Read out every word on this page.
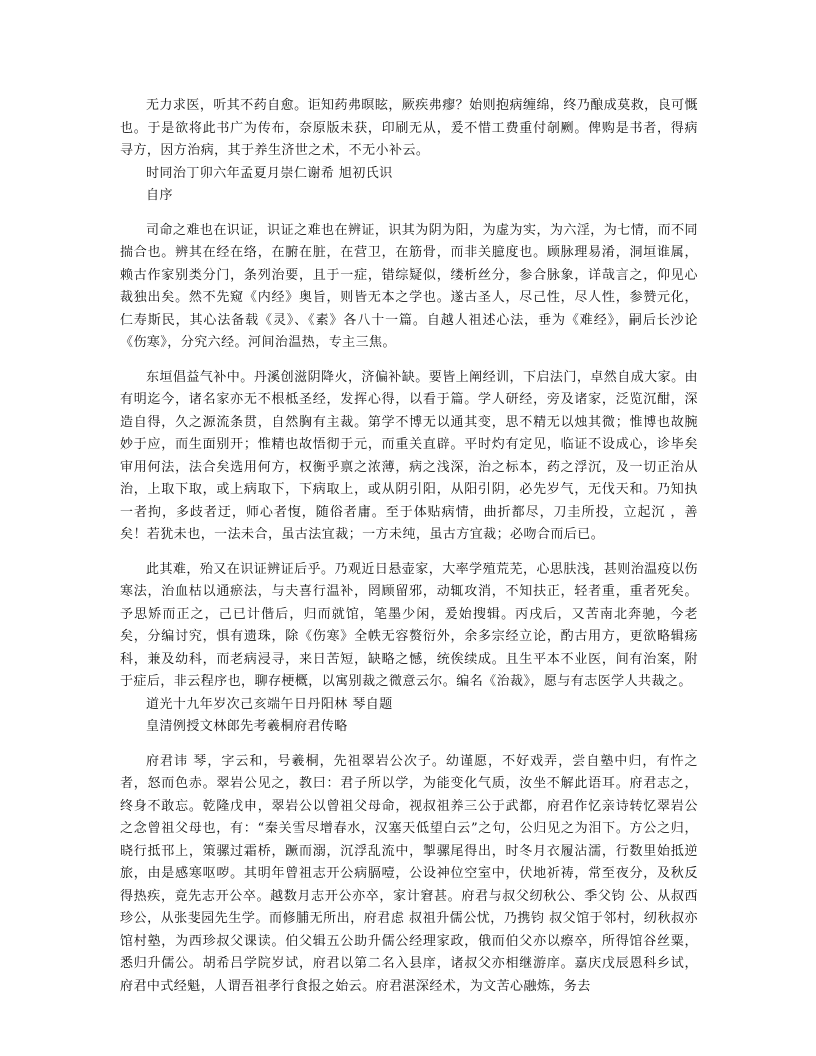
无力求医，听其不药自愈。讵知药弗暝眩，厥疾弗瘳？始则抱病缠绵，终乃酿成莫救，良可慨也。于是欲将此书广为传布，奈原版未获，印刷无从，爰不惜工费重付剞劂。俾购是书者，得病寻方，因方治病，其于养生济世之术，不无小补云。

时同治丁卯六年孟夏月崇仁谢希 旭初氏识

自序

司命之难也在识证，识证之难也在辨证，识其为阴为阳，为虚为实，为六淫，为七情，而不同揣合也。辨其在经在络，在腑在脏，在营卫，在筋骨，而非关臆度也。顾脉理易淆，洞垣谁属，赖古作家别类分门，条列治要，且于一症，错综疑似，缕析丝分，参合脉象，详哉言之，仰见心裁独出矣。然不先窥《内经》奥旨，则皆无本之学也。遂古圣人，尽己性，尽人性，参赞元化，仁寿斯民，其心法备载《灵》、《素》各八十一篇。自越人祖述心法，垂为《难经》，嗣后长沙论《伤寒》，分究六经。河间治温热，专主三焦。

东垣倡益气补中。丹溪创滋阴降火，济偏补缺。要皆上阐经训，下启法门，卓然自成大家。由有明迄今，诸名家亦无不根柢圣经，发挥心得，以看于篇。学人研经，旁及诸家，泛览沉酣，深造自得，久之源流条贯，自然胸有主裁。第学不博无以通其变，思不精无以烛其微；惟博也故腕妙于应，而生面别开；惟精也故悟彻于元，而重关直辟。平时灼有定见，临证不设成心，诊毕矣审用何法，法合矣选用何方，权衡乎禀之浓薄，病之浅深，治之标本，药之浮沉，及一切正治从治，上取下取，或上病取下，下病取上，或从阴引阳，从阳引阴，必先岁气，无伐天和。乃知执一者拘，多歧者迂，师心者愎，随俗者庸。至于体贴病情，曲折都尽，刀圭所投，立起沉 ，善矣！若犹未也，一法未合，虽古法宜裁；一方未纯，虽古方宜裁；必吻合而后已。

此其难，殆又在识证辨证后乎。乃观近日悬壶家，大率学殖荒芜，心思肤浅，甚则治温疫以伤寒法，治血枯以通瘀法，与夫喜行温补，罔顾留邪，动辄攻消，不知扶正，轻者重，重者死矣。予思矫而正之，己已计偕后，归而就馆，笔墨少闲，爰始搜辑。丙戌后，又苦南北奔驰，今老矣，分编讨究，惧有遗珠，除《伤寒》全帙无容赘衍外，余多宗经立论，酌古用方，更欲略辑疡科，兼及幼科，而老病浸寻，来日苦短，缺略之憾，统俟续成。且生平本不业医，间有治案，附于症后，非云程序也，聊存梗概，以寓别裁之微意云尔。编名《治裁》，愿与有志医学人共裁之。

道光十九年岁次己亥端午日丹阳林 琴自题

皇清例授文林郎先考羲桐府君传略

府君讳 琴，字云和，号羲桐，先祖翠岩公次子。幼谨愿，不好戏弄，尝自塾中归，有忤之者，怒而色赤。翠岩公见之，教曰：君子所以学，为能变化气质，汝坐不解此语耳。府君志之，终身不敢忘。乾隆戊申，翠岩公以曾祖父母命，视叔祖养三公于武都，府君作忆亲诗转忆翠岩公之念曾祖父母也，有：“秦关雪尽增春水，汉塞天低望白云”之句，公归见之为泪下。方公之归，晓行抵邗上，策骡过霜桥，蹶而溺，沉浮乱流中，掣骡尾得出，时冬月衣履沾濡，行数里始抵逆旅，由是感寒呕哕。其明年曾祖志开公病膈噎，公设神位空室中，伏地祈祷，常至夜分，及秋反得热疾，竟先志开公卒。越数月志开公亦卒，家计窘甚。府君与叔父纫秋公、季父钧 公、从叔西珍公，从张斐园先生学。而修脯无所出，府君虑 叔祖升儒公忧，乃携钧 叔父馆于邻村，纫秋叔亦馆村塾，为西珍叔父课读。伯父辑五公助升儒公经理家政，俄而伯父亦以瘵卒，所得馆谷丝粟，悉归升儒公。胡希吕学院岁试，府君以第二名入县庠，诸叔父亦相继游庠。嘉庆戊辰恩科乡试，府君中式经魁，人谓吾祖孝行食报之始云。府君湛深经术，为文苦心融炼，务去
